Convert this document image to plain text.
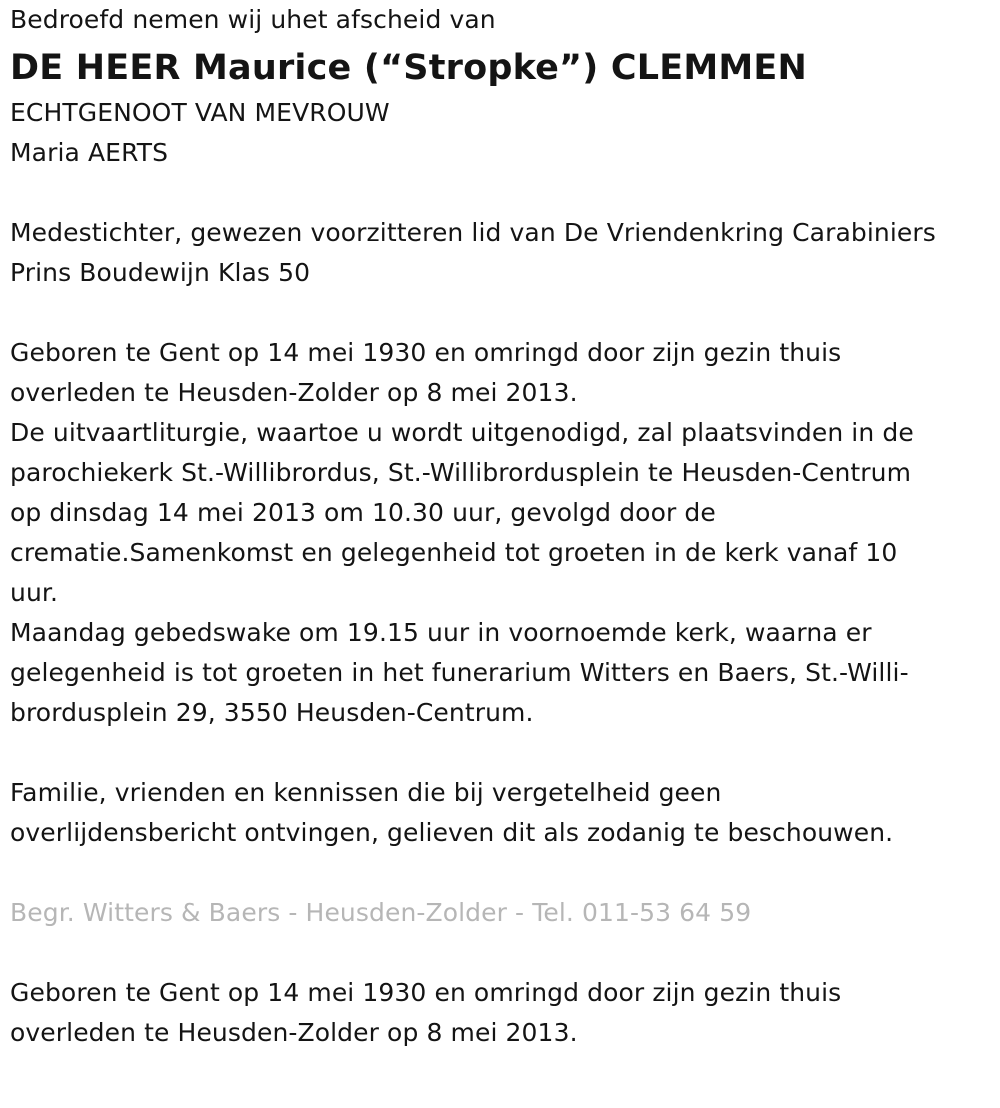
Bedroefd nemen wij uhet afscheid van
DE HEER Maurice (“Stropke”) CLEMMEN
ECHTGENOOT VAN MEVROUW
Maria AERTS
Medestichter, gewezen voorzitteren lid van De Vriendenkring Carabiniers
Prins Boudewijn Klas 50
Geboren te Gent op 14 mei 1930 en omringd door zijn gezin thuis
overleden te Heusden-Zolder op 8 mei 2013.
De uitvaartliturgie, waartoe u wordt uitgenodigd, zal plaatsvinden in de
parochiekerk St.-Willibrordus, St.-Willibrordusplein te Heusden-Centrum
op dinsdag 14 mei 2013 om 10.30 uur, gevolgd door de
crematie.Samenkomst en gelegenheid tot groeten in de kerk vanaf 10
uur.
Maandag gebedswake om 19.15 uur in voornoemde kerk, waarna er
gelegenheid is tot groeten in het funerarium Witters en Baers, St.-Willi-
brordusplein 29, 3550 Heusden-Centrum.
Familie, vrienden en kennissen die bij vergetelheid geen
overlijdensbericht ontvingen, gelieven dit als zodanig te beschouwen.
Begr. Witters & Baers - Heusden-Zolder - Tel. 011-53 64 59
Geboren te Gent op 14 mei 1930 en omringd door zijn gezin thuis
overleden te Heusden-Zolder op 8 mei 2013.
